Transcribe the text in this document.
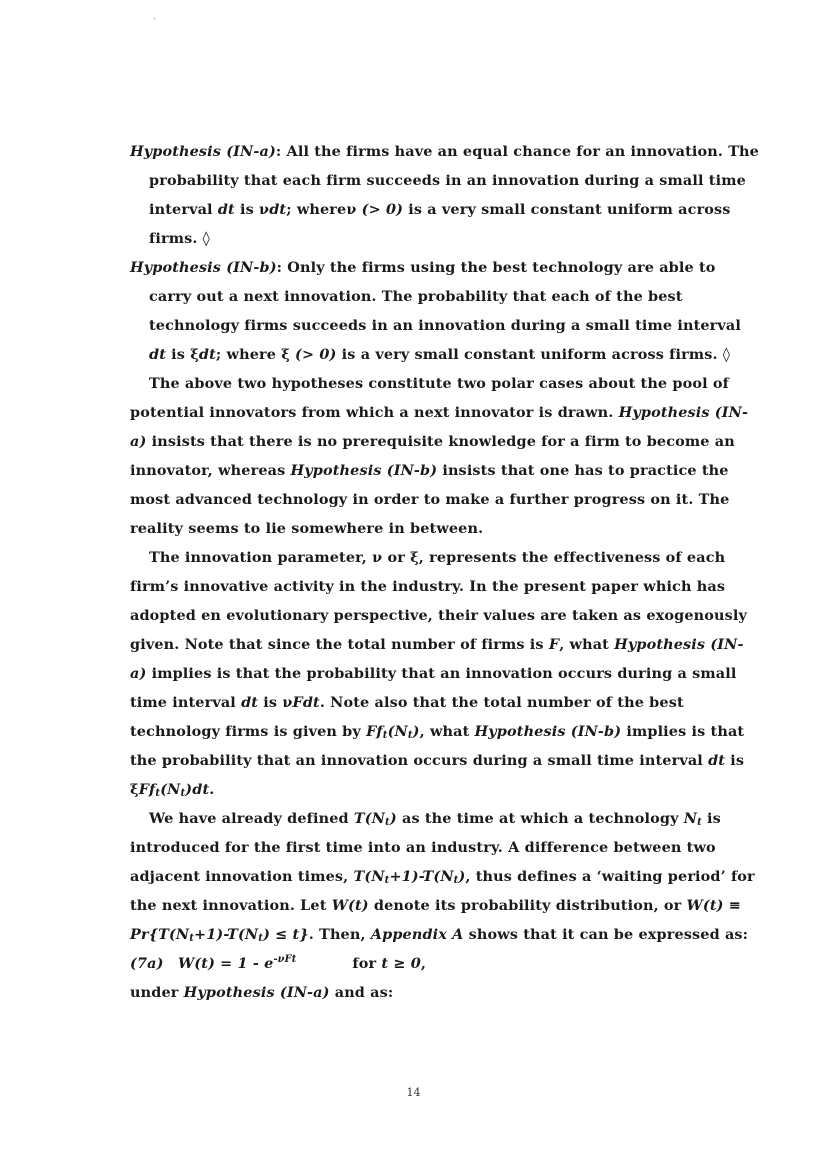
Hypothesis (IN-a): All the firms have an equal chance for an innovation. The probability that each firm succeeds in an innovation during a small time interval dt is νdt; whereν (> 0) is a very small constant uniform across firms. ◊

Hypothesis (IN-b): Only the firms using the best technology are able to carry out a next innovation. The probability that each of the best technology firms succeeds in an innovation during a small time interval dt is ξdt; where ξ (> 0) is a very small constant uniform across firms. ◊

The above two hypotheses constitute two polar cases about the pool of potential innovators from which a next innovator is drawn. Hypothesis (IN-a) insists that there is no prerequisite knowledge for a firm to become an innovator, whereas Hypothesis (IN-b) insists that one has to practice the most advanced technology in order to make a further progress on it. The reality seems to lie somewhere in between.

The innovation parameter, ν or ξ, represents the effectiveness of each firm’s innovative activity in the industry. In the present paper which has adopted en evolutionary perspective, their values are taken as exogenously given. Note that since the total number of firms is F, what Hypothesis (IN-a) implies is that the probability that an innovation occurs during a small time interval dt is νFdt. Note also that the total number of the best technology firms is given by $Ff_t(N_t)$, what Hypothesis (IN-b) implies is that the probability that an innovation occurs during a small time interval dt is $\xi Ff_t(N_t)dt$.

We have already defined $T(N_t)$ as the time at which a technology $N_t$ is introduced for the first time into an industry. A difference between two adjacent innovation times, $T(N_t+1)-T(N_t)$, thus defines a ‘waiting period’ for the next innovation. Let W(t) denote its probability distribution, or $W(t) \equiv Pr\{T(N_t+1)-T(N_t) \le t\}$. Then, Appendix A shows that it can be expressed as:

(7a) $W(t) = 1 - e^{-\nu Ft}$	for t ≥ 0,

under Hypothesis (IN-a) and as:

14
